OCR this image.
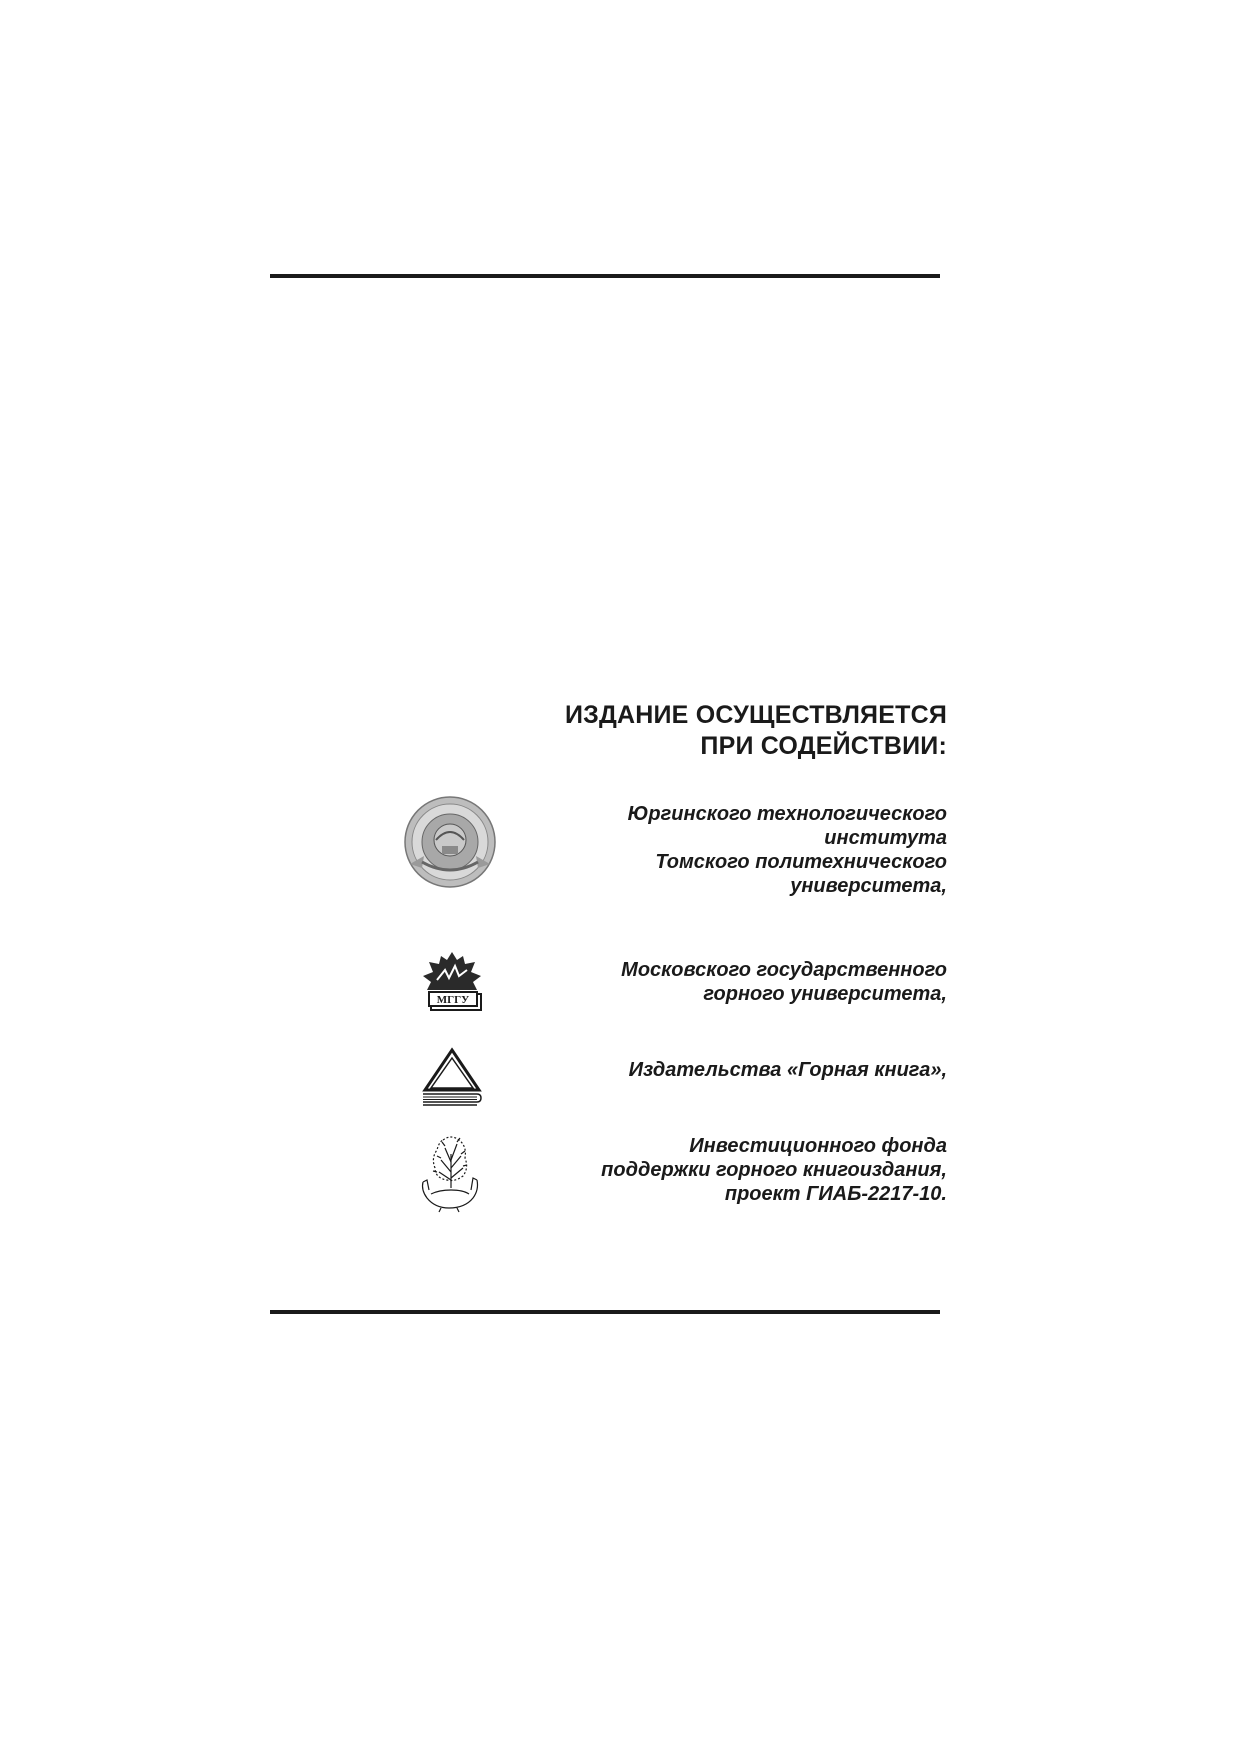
ИЗДАНИЕ ОСУЩЕСТВЛЯЕТСЯ
ПРИ СОДЕЙСТВИИ:
Юргинского технологического
института
Томского политехнического
университета,
МГГУ
Московского государственного
горного университета,
Издательства «Горная книга»,
Инвестиционного фонда
поддержки горного книгоиздания,
проект ГИАБ-2217-10.
